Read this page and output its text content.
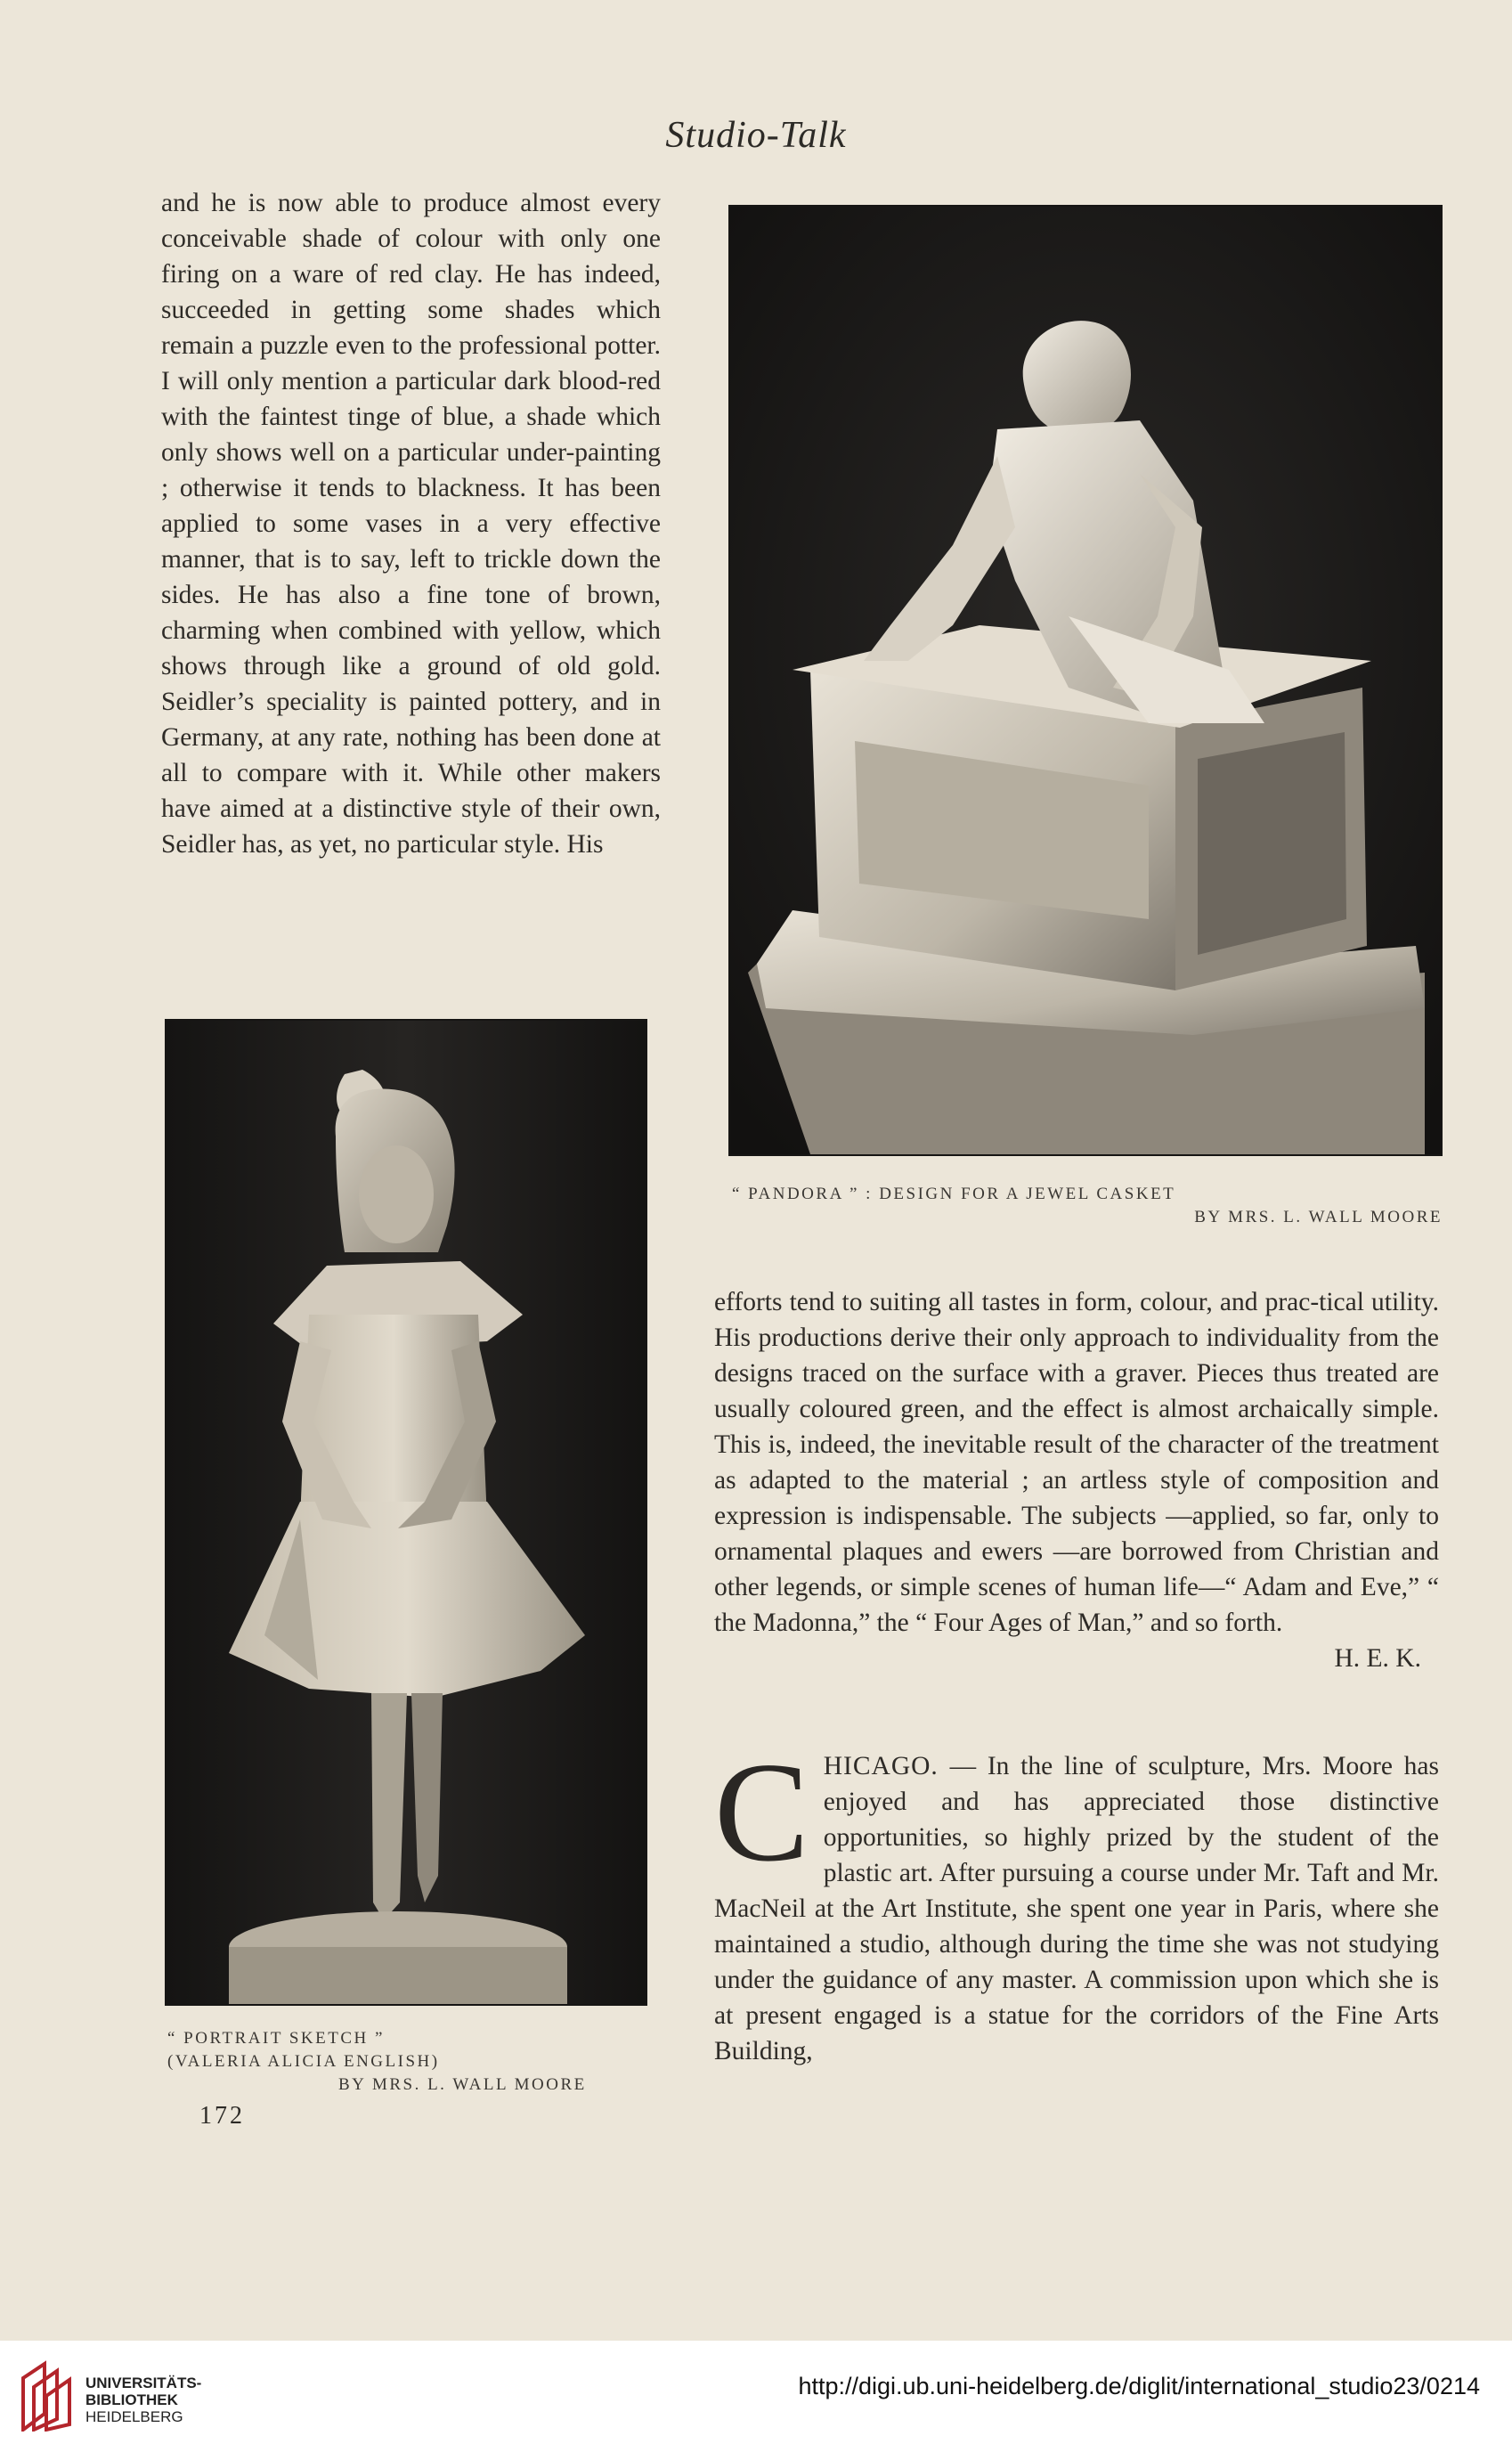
Studio-Talk

and he is now able to produce almost every conceivable shade of colour with only one firing on a ware of red clay. He has indeed, succeeded in getting some shades which remain a puzzle even to the professional potter. I will only mention a particular dark blood-red with the faintest tinge of blue, a shade which only shows well on a particular under-painting ; otherwise it tends to blackness. It has been applied to some vases in a very effective manner, that is to say, left to trickle down the sides. He has also a fine tone of brown, charming when combined with yellow, which shows through like a ground of old gold. Seidler’s speciality is painted pottery, and in Germany, at any rate, nothing has been done at all to compare with it. While other makers have aimed at a distinctive style of their own, Seidler has, as yet, no particular style. His

“ PANDORA ” : DESIGN FOR A JEWEL CASKET
BY MRS. L. WALL MOORE
“ PORTRAIT SKETCH ”
(VALERIA ALICIA ENGLISH)
BY MRS. L. WALL MOORE

efforts tend to suiting all tastes in form, colour, and prac-tical utility. His productions derive their only approach to individuality from the designs traced on the surface with a graver. Pieces thus treated are usually coloured green, and the effect is almost archaically simple. This is, indeed, the inevitable result of the character of the treatment as adapted to the material ; an artless style of composition and expression is indispensable. The subjects —applied, so far, only to ornamental plaques and ewers —are borrowed from Christian and other legends, or simple scenes of human life—“ Adam and Eve,” “ the Madonna,” the “ Four Ages of Man,” and so forth.

H. E. K.

CHICAGO. — In the line of sculpture, Mrs. Moore has enjoyed and has appreciated those distinctive opportunities, so highly prized by the student of the plastic art. After pursuing a course under Mr. Taft and Mr. MacNeil at the Art Institute, she spent one year in Paris, where she maintained a studio, although during the time she was not studying under the guidance of any master. A commission upon which she is at present engaged is a statue for the corridors of the Fine Arts Building,

172
UNIVERSITÄTS-
BIBLIOTHEK
HEIDELBERG
http://digi.ub.uni-heidelberg.de/diglit/international_studio23/0214
